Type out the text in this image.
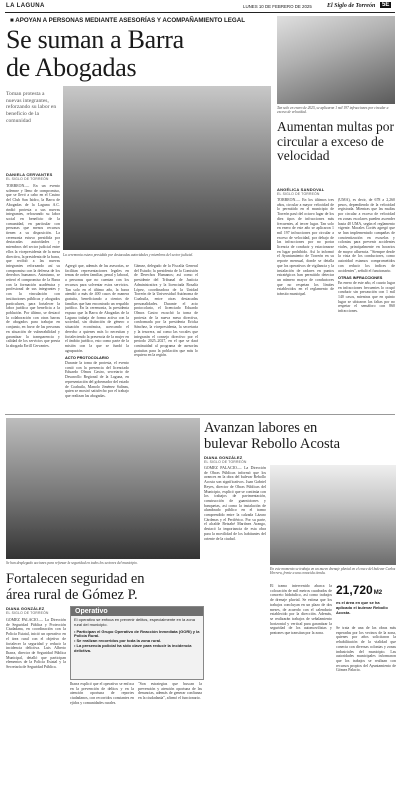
LA LAGUNA	LUNES 10 DE FEBRERO DE 2025	El Siglo de Torreón	5E
■ APOYAN A PERSONAS MEDIANTE ASESORÍAS Y ACOMPAÑAMIENTO LEGAL
Se suman a Barra
de Abogadas
La ceremonia estuvo presidida por destacadas autoridades y miembros del sector judicial.
Toman protesta a nuevas integrantes, reforzando su labor en beneficio de la comunidad
DANIELA CERVANTES
EL SIGLO DE TORREÓN
TORREÓN.— En un evento solemne y lleno de compromiso, que se llevó a cabo en el Casino del Club San Isidro, la Barra de Abogadas de la Laguna A.C. rindió protesta a sus nuevas integrantes, reforzando su labor social en beneficio de la comunidad, en particular con personas que menos recursos tienen a su disposición. La ceremonia estuvo presidida por destacadas autoridades y miembros del sector judicial entre ellos la vicepresidenta de la mesa directiva, la presidenta de la barra, que recibió a las nuevas integrantes reforzando así su compromiso con la defensa de los derechos humanos. Asimismo, se reiteró el compromiso de la Barra con la formación académica y profesional de sus integrantes y con la vinculación con instituciones públicas y abogados particulares, para fortalecer la labor jurídica que beneficia a la población. Por último, se destacó la colaboración con otras barras de abogados para trabajar en conjunto, en favor de las personas en situación de vulnerabilidad y garantizar la transparencia y calidad de los servicios que presta la abogada Errill Cervantes.
Agregó que, además de las asesorías, se facilitan representaciones legales en temas de orden familiar, penal y laboral, a personas que no cuentan con los recursos para solventar estos servicios. Tan solo en el último año, la barra atendió a más de 400 casos de manera gratuita, beneficiando a cientos de familias que han encontrado un respaldo jurídico. En la ceremonia, la presidenta expuso que la Barra de Abogadas de la Laguna trabaja de forma activa con la sociedad, sin distinción de género o situación económica, acercando el derecho a quienes más lo necesitan y fortaleciendo la presencia de la mujer en el ámbito jurídico, esto como parte de la misión con la que se fundó la agrupación.
ACTO PROTOCOLARIO
Durante la toma de protesta, el evento contó con la presencia del licenciado Eduardo Olmos Castro, secretario de Desarrollo Regional de la Laguna, en representación del gobernador del estado de Coahuila, Manolo Jiménez Salinas, quien se mostró satisfecho por el trabajo que realizan las abogadas.
Gámez, delegado de la Fiscalía General del Estado; la presidenta de la Comisión de Derechos Humanos; así como el presidente del Tribunal de Justicia Administrativa y la licenciada Rosalía López, coordinadora de la Unidad Torreón de la Universidad Autónoma de Coahuila, entre otras destacadas personalidades. Durante el acto protocolario, el licenciado Eduardo Olmos Castro escuchó la toma de protesta de la nueva mesa directiva, conformada por la presidenta Ericka Sánchez, la vicepresidenta, la secretaria y la tesorera, así como las vocales que integrarán el consejo directivo por el periodo 2025–2027, en el que se dará continuidad al programa de asesorías gratuitas para la población que más lo requiera en la región.
Tan solo en enero de 2025, se aplicaron 1 mil 197 infracciones por circular a exceso de velocidad.
Aumentan multas por circular a exceso de velocidad
ANGÉLICA SANDOVAL
EL SIGLO DE TORREÓN
TORREÓN.— En los últimos tres años, circular a mayor velocidad de lo permitido en el municipio de Torreón pasó del octavo lugar de los diez tipos de infracciones más frecuentes, al tercer lugar. Tan solo en enero de este año se aplicaron 1 mil 197 infracciones por circular a exceso de velocidad, por debajo de las infracciones por no portar licencia de conducir y estacionarse en lugar prohibido. Así lo informó el Ayuntamiento de Torreón en su reporte mensual, donde se detalla que los operativos de vigilancia y la instalación de radares en puntos estratégicos han permitido detectar un número mayor de conductores que no respetan los límites establecidos en el reglamento de tránsito municipal.
(UMA), es decir, de 678 a 2,260 pesos, dependiendo de la velocidad registrada. Mientras que las multas por circular a exceso de velocidad en zonas escolares pueden ascender hasta 40 UMA, según el reglamento vigente. Morales Cortés agregó que se han implementado campañas de concientización en escuelas y colonias para prevenir accidentes viales, principalmente en horarios de mayor afluencia. "Siempre desde la vista de los conductores, como autoridad estamos comprometidos con reducir los índices de accidentes", señaló el funcionario.
OTRAS INFRACCIONES
En enero de este año, el cuarto lugar en infracciones frecuentes lo ocupó conducir sin precaución con 1 mil 140 casos, mientras que en quinto lugar se ubicaron las faltas por no respetar el semáforo con 860 infracciones.
Se han desplegado acciones para reforzar la seguridad en todos los sectores del municipio.
Avanzan labores en
bulevar Rebollo Acosta
DIANA GONZÁLEZ
EL SIGLO DE TORREÓN
GÓMEZ PALACIO.— La Dirección de Obras Públicas informó que los avances en la obra del bulevar Rebollo Acosta son significativos. Juan Gabriel Reyes, director de Obras Públicas del Municipio, explicó que se continúa con los trabajos de pavimentación, construcción de guarniciones y banquetas, así como la instalación de alumbrado público en el tramo comprendido entre la calzada Lázaro Cárdenas y el Periférico. Por su parte, el alcalde Betzabé Martínez Arango, destacó la importancia de esta obra para la movilidad de los habitantes del oriente de la ciudad.
En este momento se trabaja en un nuevo drenaje pluvial en el cruce del bulevar Carlos Herrera, frente a una conocida tienda.
El tramo intervenido abarca la colocación de mil metros cuadrados de concreto hidráulico, así como trabajos de drenaje pluvial. Se estima que los trabajos concluyan en un plazo de dos meses, de acuerdo con el calendario establecido por la dirección. Además, se realizarán trabajos de señalamiento horizontal y vertical para garantizar la seguridad de los automovilistas y peatones que transitan por la zona.
21,720M2
es el área en que se ha aplicado el bulevar Rebollo Acosta.
Se trata de una de las obras más esperadas por los vecinos de la zona, quienes por años solicitaron la rehabilitación de la vialidad que conecta con diversas colonias y zonas industriales del municipio. Las autoridades municipales informaron que los trabajos se realizan con recursos propios del Ayuntamiento de Gómez Palacio.
Fortalecen seguridad en
área rural de Gómez P.
DIANA GONZÁLEZ
EL SIGLO DE TORREÓN
GÓMEZ PALACIO.— La Dirección de Seguridad Pública y Protección Ciudadana, en coordinación con la Policía Estatal, inició un operativo en el área rural con el objetivo de fortalecer la seguridad y reducir la incidencia delictiva. Luis Alberto Ibarra, director de Seguridad Pública Municipal, detalló que participan elementos de la Policía Estatal y la Secretaría de Seguridad Pública.
Operativo
El operativo se enfoca en prevenir delitos, especialmente en la zona rural del municipio.
• Participan el Grupo Operativo de Reacción Inmediata (GORI) y la Policía Rural.
• Se realizan recorridos por toda la zona rural.
• La presencia policial ha sido clave para reducir la incidencia delictiva.
Ibarra explicó que el operativo se enfoca en la prevención de delitos y en la atención oportuna de reportes ciudadanos, con recorridos constantes en ejidos y comunidades rurales.
"Son estrategias que buscan la prevención y atención oportuna de las denuncias, además de generar confianza en la ciudadanía", afirmó el funcionario.
